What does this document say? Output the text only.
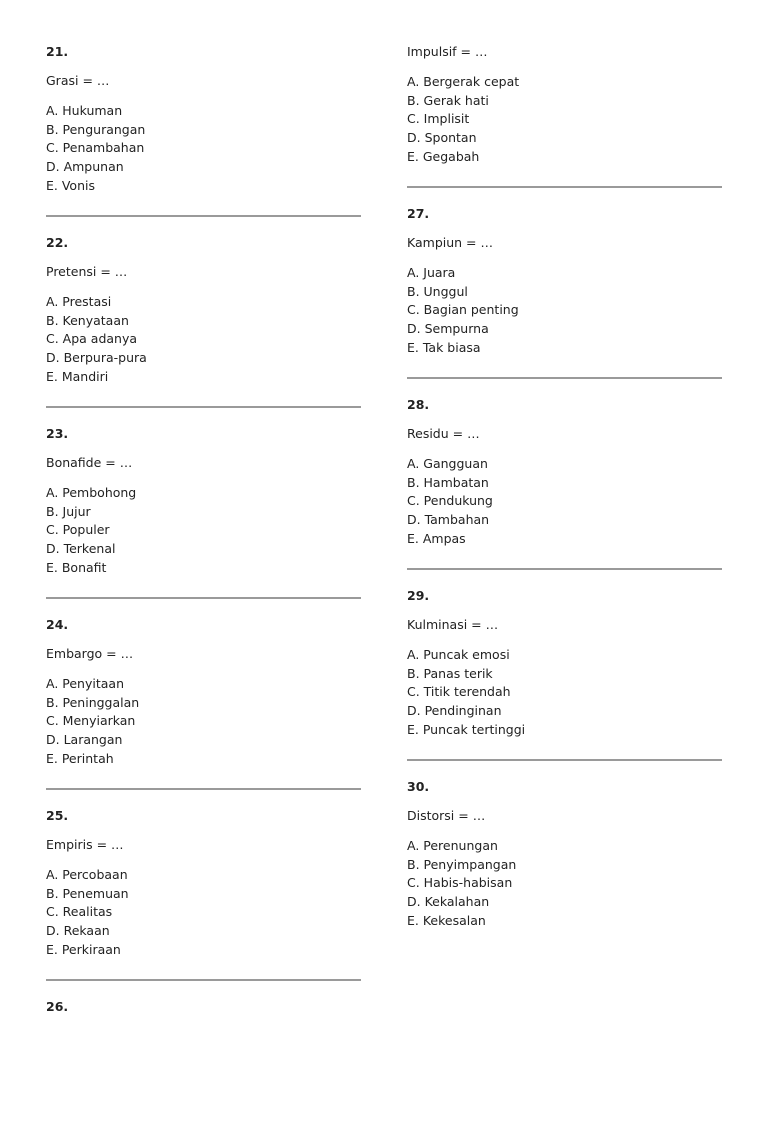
21.
Grasi = …
A. Hukuman
B. Pengurangan
C. Penambahan
D. Ampunan
E. Vonis
22.
Pretensi = …
A. Prestasi
B. Kenyataan
C. Apa adanya
D. Berpura-pura
E. Mandiri
23.
Bonafide = …
A. Pembohong
B. Jujur
C. Populer
D. Terkenal
E. Bonafit
24.
Embargo = …
A. Penyitaan
B. Peninggalan
C. Menyiarkan
D. Larangan
E. Perintah
25.
Empiris = …
A. Percobaan
B. Penemuan
C. Realitas
D. Rekaan
E. Perkiraan
26.
Impulsif = …
A. Bergerak cepat
B. Gerak hati
C. Implisit
D. Spontan
E. Gegabah
27.
Kampiun = …
A. Juara
B. Unggul
C. Bagian penting
D. Sempurna
E. Tak biasa
28.
Residu = …
A. Gangguan
B. Hambatan
C. Pendukung
D. Tambahan
E. Ampas
29.
Kulminasi = …
A. Puncak emosi
B. Panas terik
C. Titik terendah
D. Pendinginan
E. Puncak tertinggi
30.
Distorsi = …
A. Perenungan
B. Penyimpangan
C. Habis-habisan
D. Kekalahan
E. Kekesalan
